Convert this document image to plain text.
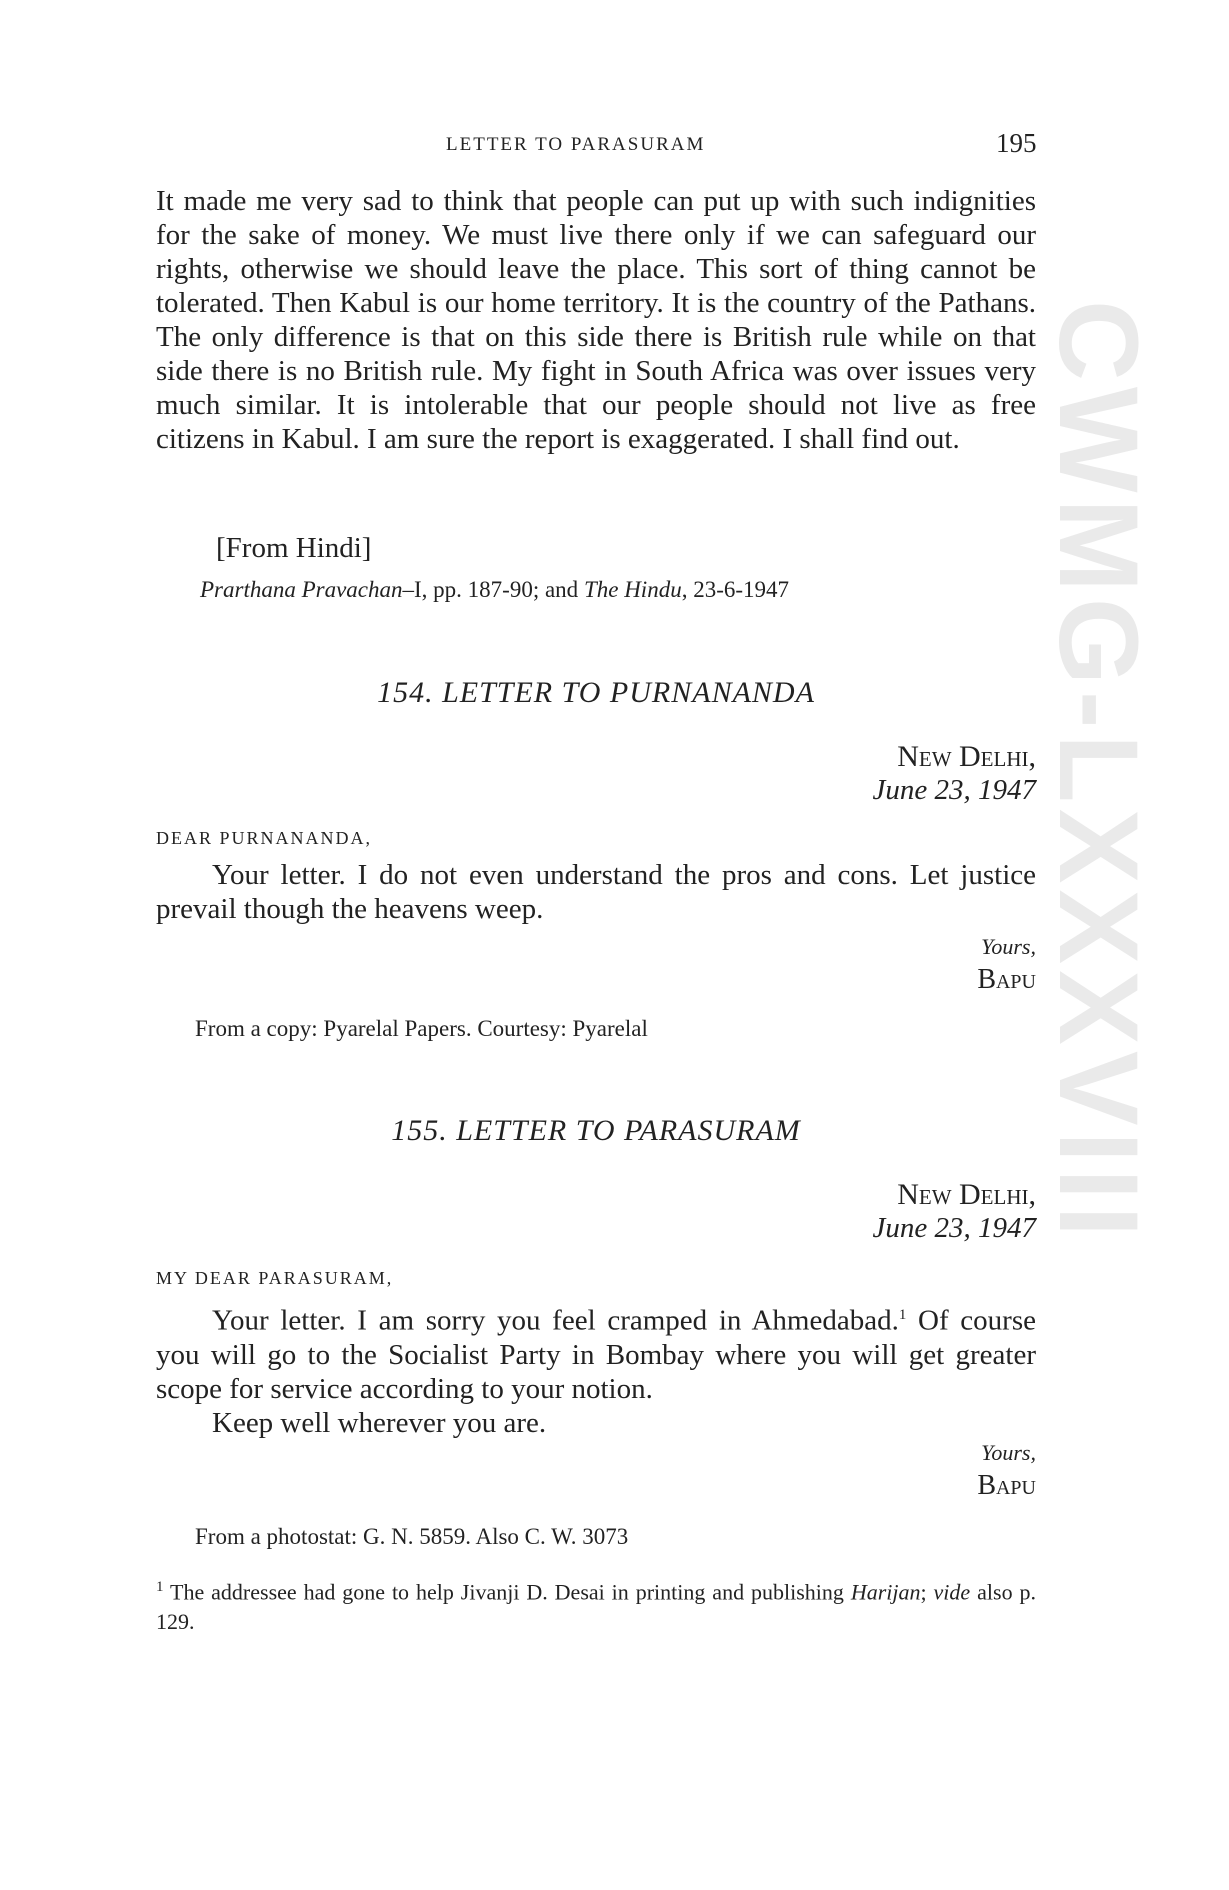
CWMG-LXXXVIII
LETTER TO PARASURAM	195

It made me very sad to think that people can put up with such indignities for the sake of money. We must live there only if we can safeguard our rights, otherwise we should leave the place. This sort of thing cannot be tolerated. Then Kabul is our home territory. It is the country of the Pathans. The only difference is that on this side there is British rule while on that side there is no British rule. My fight in South Africa was over issues very much similar. It is intolerable that our people should not live as free citizens in Kabul. I am sure the report is exaggerated. I shall find out.

[From Hindi]
Prarthana Pravachan–I, pp. 187-90; and The Hindu, 23-6-1947
154. LETTER TO PURNANANDA
New Delhi,
June 23, 1947
DEAR PURNANANDA,

Your letter. I do not even understand the pros and cons. Let justice prevail though the heavens weep.

Yours,
Bapu
From a copy: Pyarelal Papers. Courtesy: Pyarelal
155. LETTER TO PARASURAM
New Delhi,
June 23, 1947
MY DEAR PARASURAM,

Your letter. I am sorry you feel cramped in Ahmedabad.$^1$ Of course you will go to the Socialist Party in Bombay where you will get greater scope for service according to your notion.

Keep well wherever you are.

Yours,
Bapu
From a photostat: G. N. 5859. Also C. W. 3073
$^1$ The addressee had gone to help Jivanji D. Desai in printing and publishing Harijan; vide also p. 129.
